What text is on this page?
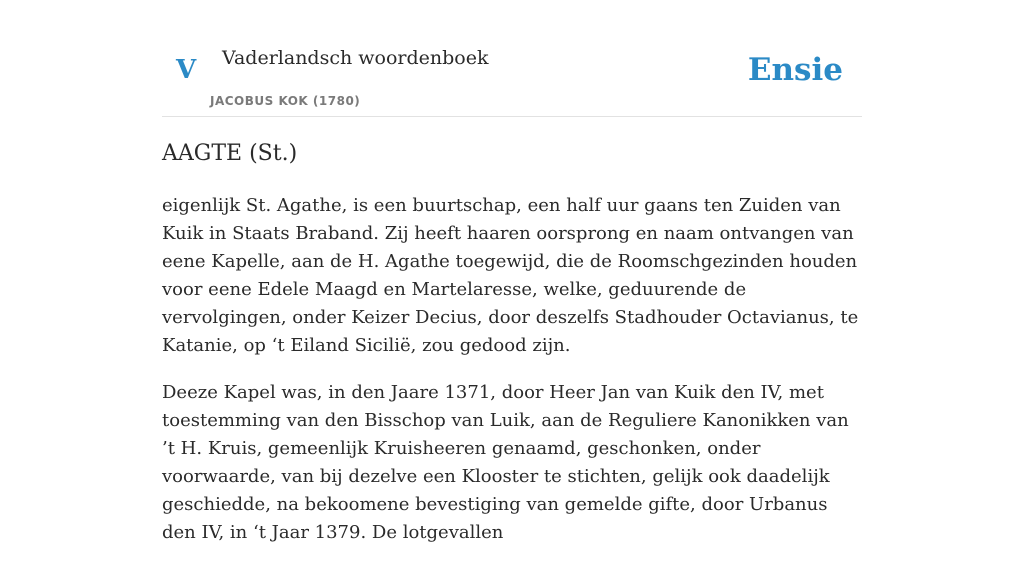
V Vaderlandsch woordenboek
JACOBUS KOK (1780)
Ensie
AAGTE (St.)

eigenlijk St. Agathe, is een buurtschap, een half uur gaans ten Zuiden van Kuik in Staats Braband. Zij heeft haaren oorsprong en naam ontvangen van eene Kapelle, aan de H. Agathe toegewijd, die de Roomschgezinden houden voor eene Edele Maagd en Martelaresse, welke, geduurende de vervolgingen, onder Keizer Decius, door deszelfs Stadhouder Octavianus, te Katanie, op ‘t Eiland Sicilië, zou gedood zijn.

Deeze Kapel was, in den Jaare 1371, door Heer Jan van Kuik den IV, met toestemming van den Bisschop van Luik, aan de Reguliere Kanonikken van ’t H. Kruis, gemeenlijk Kruisheeren genaamd, geschonken, onder voorwaarde, van bij dezelve een Klooster te stichten, gelijk ook daadelijk geschiedde, na bekoomene bevestiging van gemelde gifte, door Urbanus den IV, in ‘t Jaar 1379. De lotgevallen
